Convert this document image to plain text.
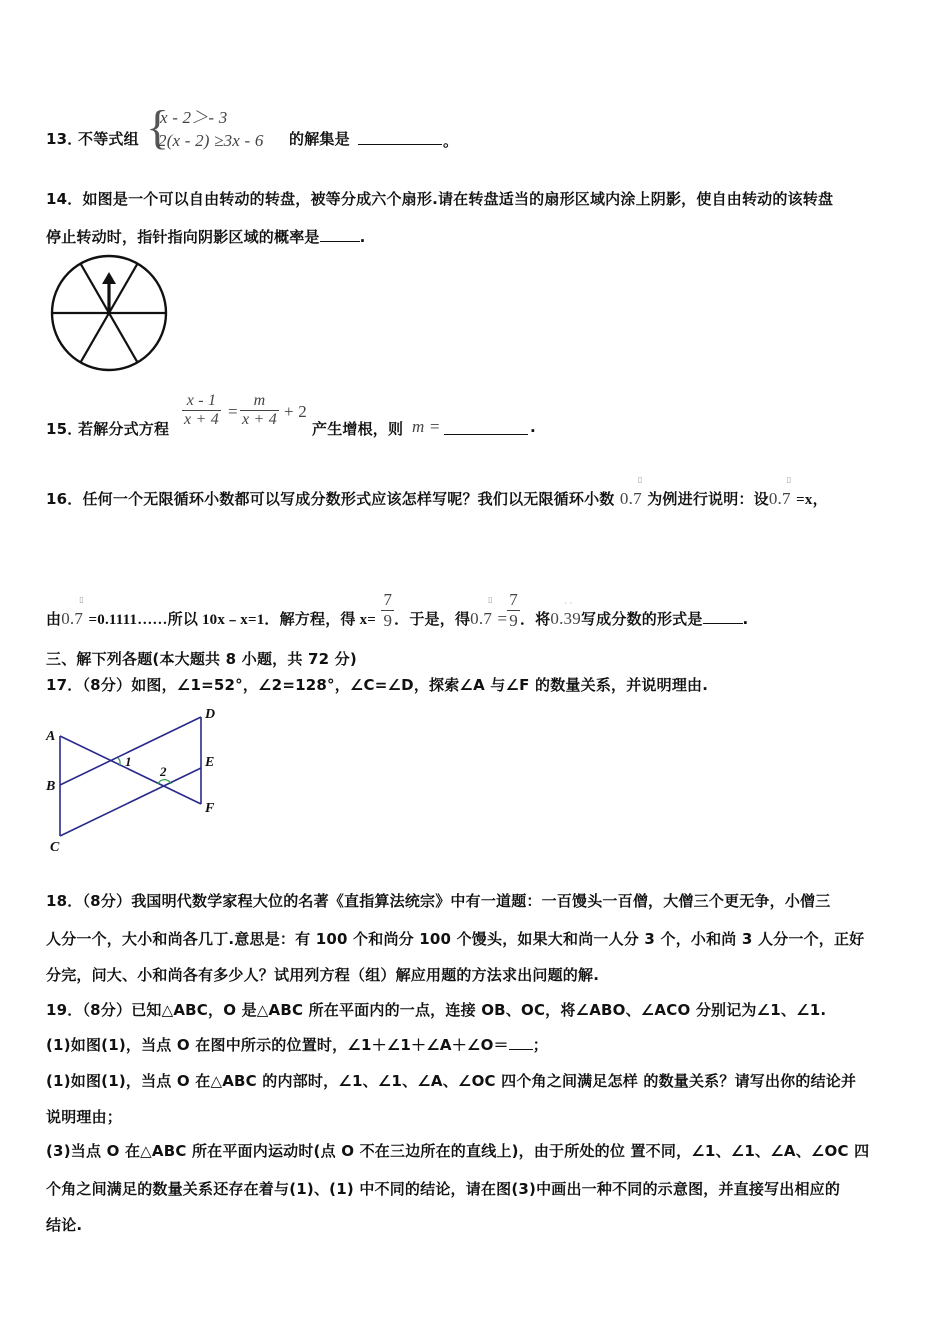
13．
不等式组 {
x - 2＞- 3
2(x - 2) ≥3x - 6 的解集是	。
14．如图是一个可以自由转动的转盘，被等分成六个扇形.请在转盘适当的扇形区域内涂上阴影，使自由转动的该转盘
停止转动时，指针指向阴影区域的概率是	.
15．
若解分式方程 $\frac{x - 1}{x + 4} = \frac{m}{x + 4} + 2$
产生增根，则 m =	.
16．任何一个无限循环小数都可以写成分数形式应该怎样写呢？我们以无限循环小数
▯
0.7 为例进行说明：设
▯
0.7 =x，
由
▯
0.7 =0.1111……所以 10x﹣x=1．解方程，得 $x= \frac{7}{9}$ ．于是，得
▯
$0.7 = \frac{7}{9}$ ．将
· ·
0.39写成分数的形式是	.
三、解下列各题(本大题共 8 小题，共 72 分)
17．（8分）如图，∠1=52°，∠2=128°，∠C=∠D，探索∠A 与∠F 的数量关系，并说明理由.
A
B
C
D
E
F
1
2
18．（8分）我国明代数学家程大位的名著《直指算法统宗》中有一道题：一百馒头一百僧，大僧三个更无争，小僧三
人分一个，大小和尚各几丁.意思是：有 100 个和尚分 100 个馒头，如果大和尚一人分 3 个，小和尚 3 人分一个，正好
分完，问大、小和尚各有多少人？试用列方程（组）解应用题的方法求出问题的解.
19．（8分）已知△ABC，O 是△ABC 所在平面内的一点，连接 OB、OC，将∠ABO、∠ACO 分别记为∠1、∠1.
(1)如图(1)，当点 O 在图中所示的位置时，∠1＋∠1＋∠A＋∠O＝ ；
(1)如图(1)，当点 O 在△ABC 的内部时，∠1、∠1、∠A、∠OC 四个角之间满足怎样 的数量关系？请写出你的结论并
说明理由；
(3)当点 O 在△ABC 所在平面内运动时(点 O 不在三边所在的直线上)，由于所处的位 置不同，∠1、∠1、∠A、∠OC 四
个角之间满足的数量关系还存在着与(1)、(1) 中不同的结论，请在图(3)中画出一种不同的示意图，并直接写出相应的
结论.
